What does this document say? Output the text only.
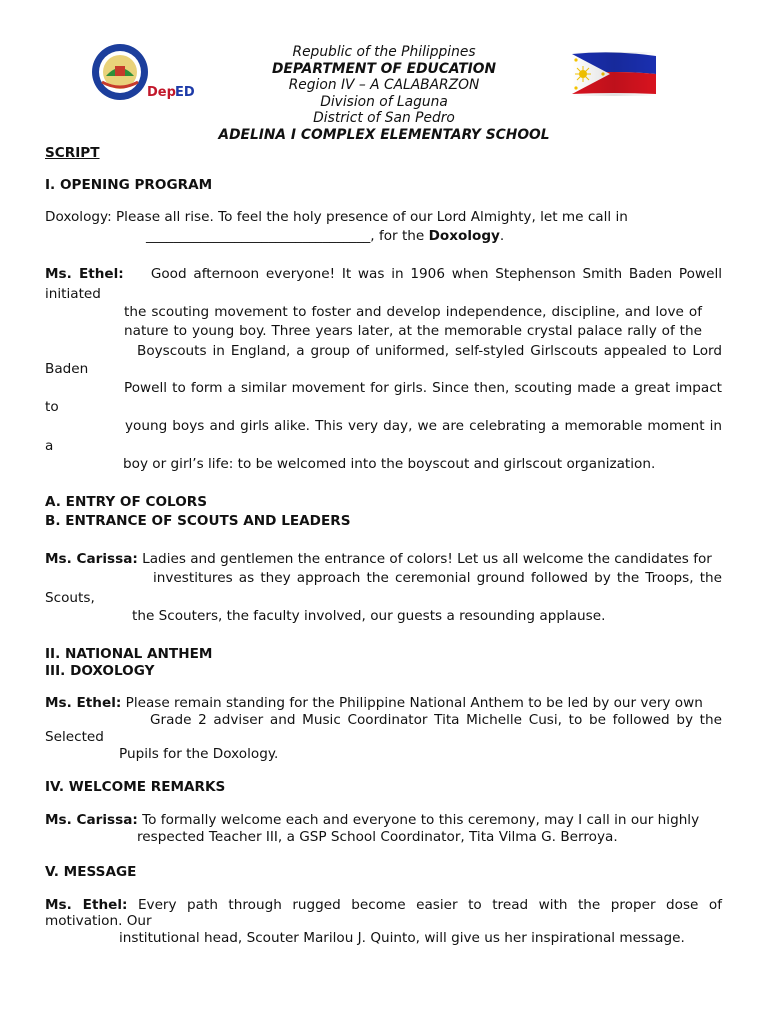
Dep ED
Republic of the Philippines
DEPARTMENT OF EDUCATION
Region IV – A CALABARZON
Division of Laguna
District of San Pedro
ADELINA I COMPLEX ELEMENTARY SCHOOL
SCRIPT
I. OPENING PROGRAM
Doxology: Please all rise. To feel the holy presence of our Lord Almighty, let me call in
_________________________________, for the Doxology.
Ms. Ethel: Good afternoon everyone! It was in 1906 when Stephenson Smith Baden Powell
initiated
the scouting movement to foster and develop independence, discipline, and love of
nature to young boy. Three years later, at the memorable crystal palace rally of the
Boyscouts in England, a group of uniformed, self-styled Girlscouts appealed to Lord
Baden
Powell to form a similar movement for girls. Since then, scouting made a great impact
to
young boys and girls alike. This very day, we are celebrating a memorable moment in
a
boy or girl’s life: to be welcomed into the boyscout and girlscout organization.
A. ENTRY OF COLORS
B. ENTRANCE OF SCOUTS AND LEADERS
Ms. Carissa: Ladies and gentlemen the entrance of colors! Let us all welcome the candidates for
investitures as they approach the ceremonial ground followed by the Troops, the
Scouts,
the Scouters, the faculty involved, our guests a resounding applause.
II. NATIONAL ANTHEM
III. DOXOLOGY
Ms. Ethel: Please remain standing for the Philippine National Anthem to be led by our very own
Grade 2 adviser and Music Coordinator Tita Michelle Cusi, to be followed by the
Selected
Pupils for the Doxology.
IV. WELCOME REMARKS
Ms. Carissa: To formally welcome each and everyone to this ceremony, may I call in our highly
respected Teacher III, a GSP School Coordinator, Tita Vilma G. Berroya.
V. MESSAGE
Ms. Ethel: Every path through rugged become easier to tread with the proper dose of
motivation. Our
institutional head, Scouter Marilou J. Quinto, will give us her inspirational message.
